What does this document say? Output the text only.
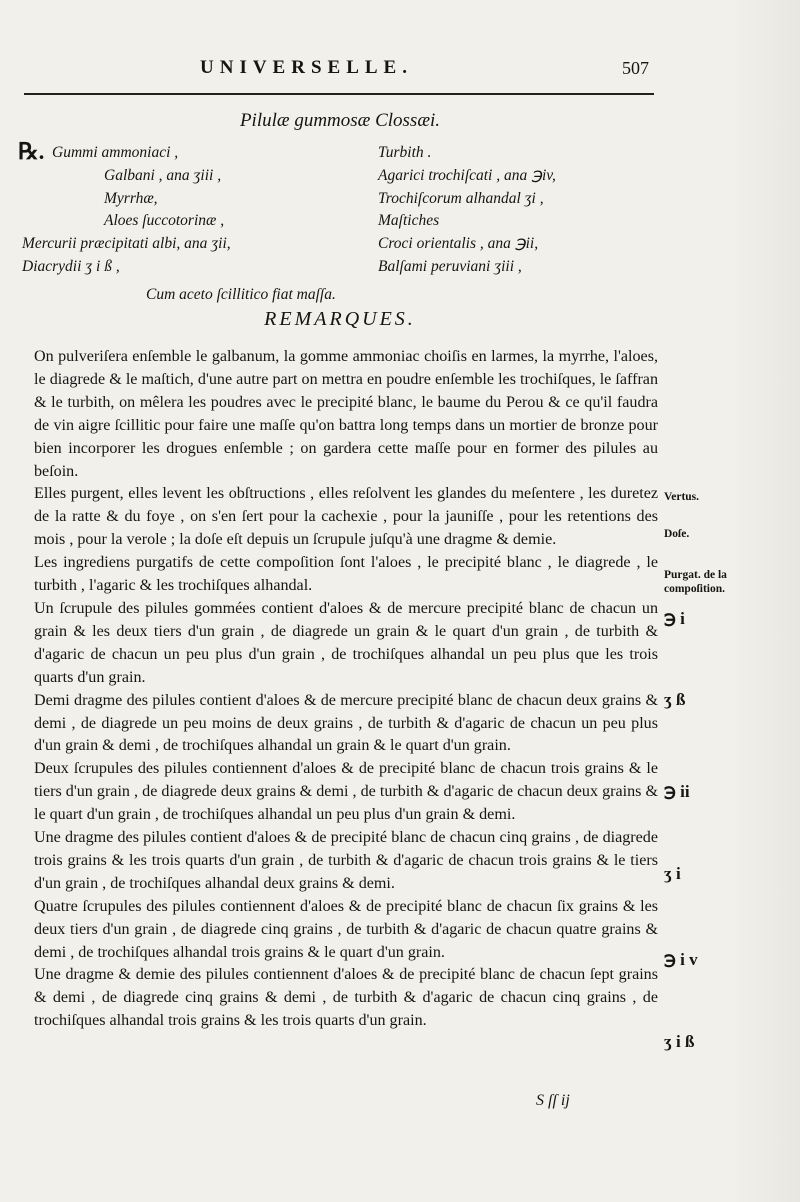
UNIVERSELLE.	507
Pilulæ gummosæ Clossæi.
℞. Gummi ammoniaci ,
Galbani , ana ʒiii ,
Myrrhæ,
Aloes ſuccotorinæ ,
Mercurii præcipitati albi, ana ʒii,
Diacrydii ʒ i ß ,
Turbith .
Agarici trochiſcati , ana ℈iv,
Trochiſcorum alhandal ʒi ,
Maſtiches
Croci orientalis , ana ℈ii,
Balſami peruviani ʒiii ,
Cum aceto ſcillitico fiat maſſa.
REMARQUES.

On pulveriſera enſemble le galbanum, la gomme ammoniac choiſis en larmes, la myrrhe, l'aloes, le diagrede & le maſtich, d'une autre part on mettra en poudre enſemble les trochiſques, le ſaffran & le turbith, on mêlera les poudres avec le precipité blanc, le baume du Perou & ce qu'il faudra de vin aigre ſcillitic pour faire une maſſe qu'on battra long temps dans un mortier de bronze pour bien incorporer les drogues enſemble ; on gardera cette maſſe pour en former des pilules au beſoin.

Elles purgent, elles levent les obſtructions , elles reſolvent les glandes du meſentere , les duretez de la ratte & du foye , on s'en ſert pour la cachexie , pour la jauniſſe , pour les retentions des mois , pour la verole ; la doſe eſt depuis un ſcrupule juſqu'à une dragme & demie.

Les ingrediens purgatifs de cette compoſition ſont l'aloes , le precipité blanc , le diagrede , le turbith , l'agaric & les trochiſques alhandal.

Un ſcrupule des pilules gommées contient d'aloes & de mercure precipité blanc de chacun un grain & les deux tiers d'un grain , de diagrede un grain & le quart d'un grain , de turbith & d'agaric de chacun un peu plus d'un grain , de trochiſques alhandal un peu plus que les trois quarts d'un grain.

Demi dragme des pilules contient d'aloes & de mercure precipité blanc de chacun deux grains & demi , de diagrede un peu moins de deux grains , de turbith & d'agaric de chacun un peu plus d'un grain & demi , de trochiſques alhandal un grain & le quart d'un grain.

Deux ſcrupules des pilules contiennent d'aloes & de precipité blanc de chacun trois grains & le tiers d'un grain , de diagrede deux grains & demi , de turbith & d'agaric de chacun deux grains & le quart d'un grain , de trochiſques alhandal un peu plus d'un grain & demi.

Une dragme des pilules contient d'aloes & de precipité blanc de chacun cinq grains , de diagrede trois grains & les trois quarts d'un grain , de turbith & d'agaric de chacun trois grains & le tiers d'un grain , de trochiſques alhandal deux grains & demi.

Quatre ſcrupules des pilules contiennent d'aloes & de precipité blanc de chacun ſix grains & les deux tiers d'un grain , de diagrede cinq grains , de turbith & d'agaric de chacun quatre grains & demi , de trochiſques alhandal trois grains & le quart d'un grain.

Une dragme & demie des pilules contiennent d'aloes & de precipité blanc de chacun ſept grains & demi , de diagrede cinq grains & demi , de turbith & d'agaric de chacun cinq grains , de trochiſques alhandal trois grains & les trois quarts d'un grain.

Vertus.
Doſe.
Purgat. de la compoſition.
℈ i
ʒ ß
℈ ii
ʒ i
℈ i v
ʒ i ß
S ſſ ij
